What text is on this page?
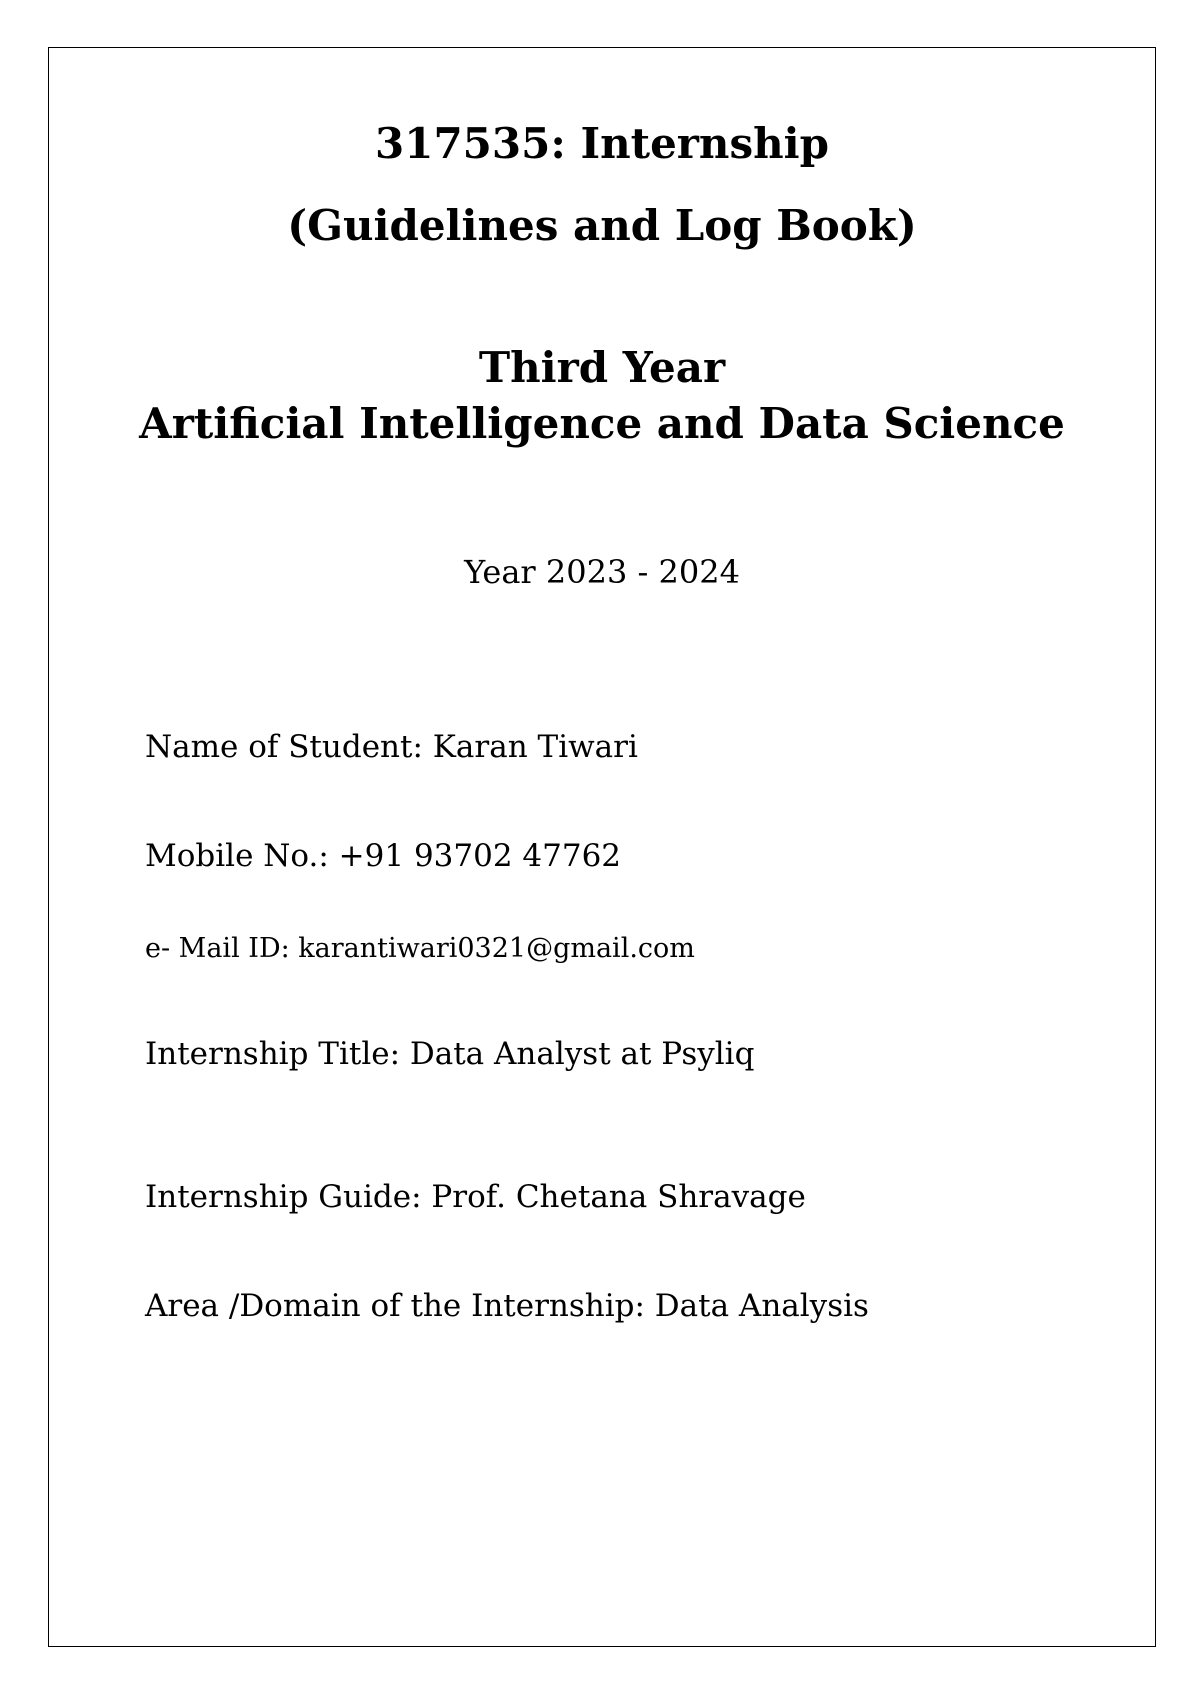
317535: Internship
(Guidelines and Log Book)
Third Year
Artificial Intelligence and Data Science
Year 2023 - 2024
Name of Student: Karan Tiwari
Mobile No.: +91 93702 47762
e- Mail ID: karantiwari0321@gmail.com
Internship Title: Data Analyst at Psyliq
Internship Guide: Prof. Chetana Shravage
Area /Domain of the Internship: Data Analysis
